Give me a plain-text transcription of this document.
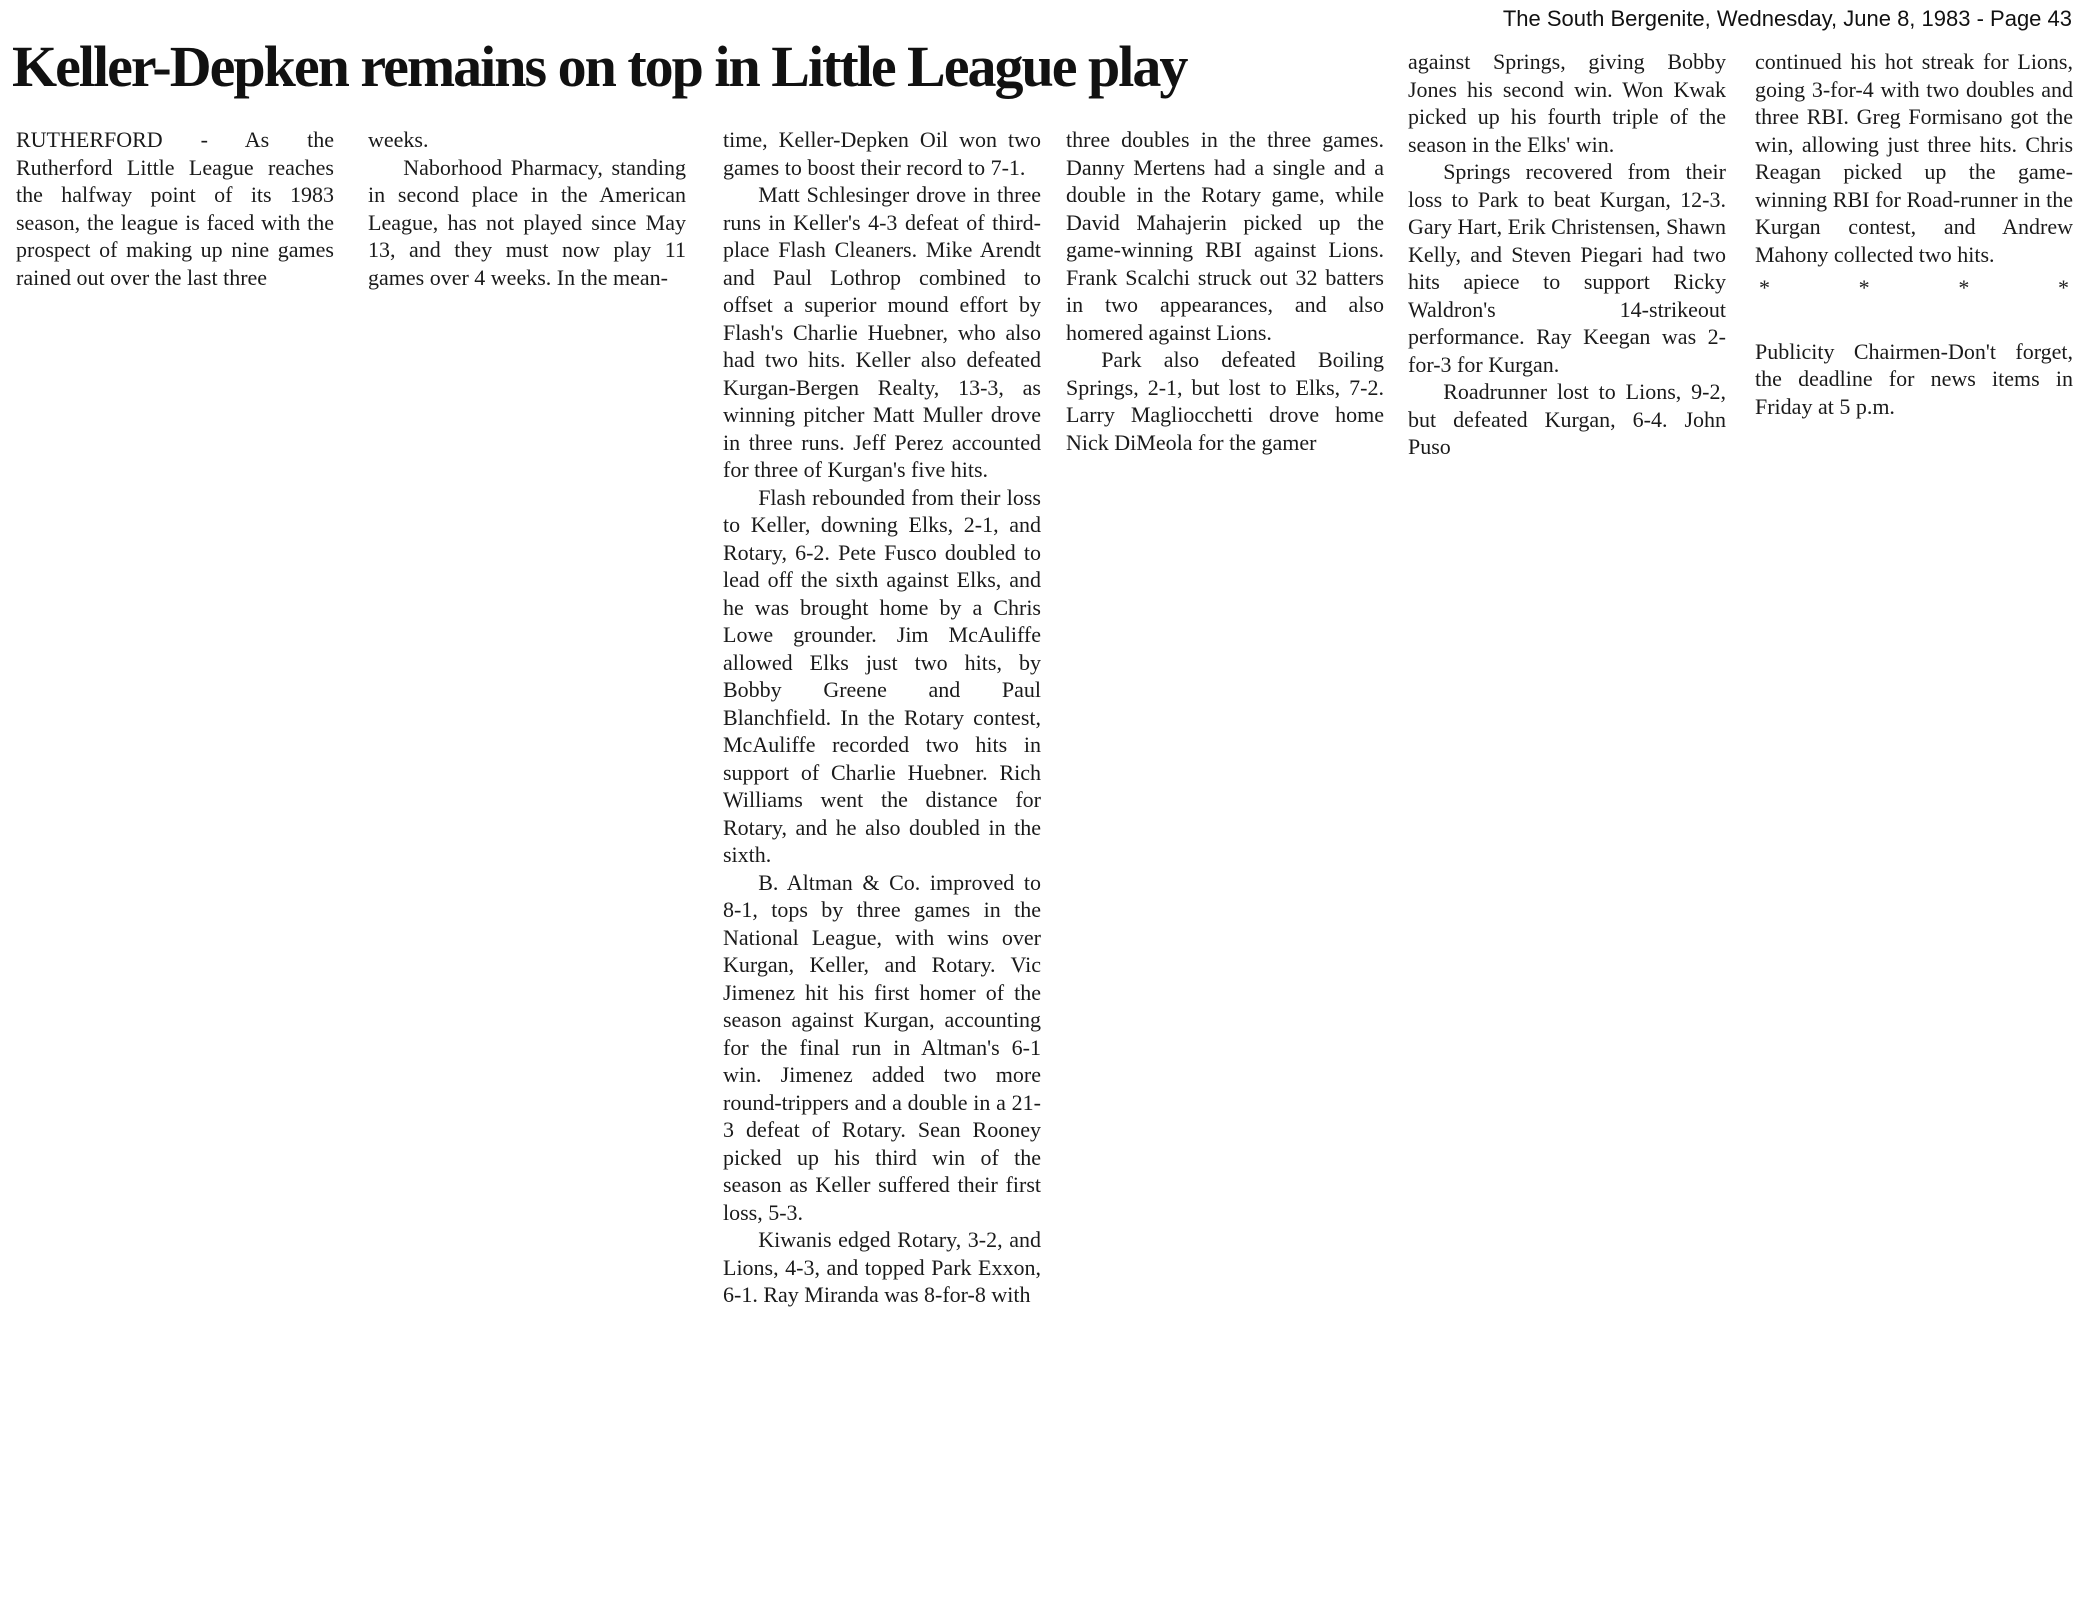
The South Bergenite, Wednesday, June 8, 1983 - Page 43
Keller-Depken remains on top in Little League play

RUTHERFORD - As the Rutherford Little League reaches the halfway point of its 1983 season, the league is faced with the prospect of making up nine games rained out over the last three

weeks.

Naborhood Pharmacy, standing in second place in the American League, has not played since May 13, and they must now play 11 games over 4 weeks. In the mean-

time, Keller-Depken Oil won two games to boost their record to 7-1.

Matt Schlesinger drove in three runs in Keller's 4-3 defeat of third-place Flash Cleaners. Mike Arendt and Paul Lothrop combined to offset a superior mound effort by Flash's Charlie Huebner, who also had two hits. Keller also defeated Kurgan-Bergen Realty, 13-3, as winning pitcher Matt Muller drove in three runs. Jeff Perez accounted for three of Kurgan's five hits.

Flash rebounded from their loss to Keller, downing Elks, 2-1, and Rotary, 6-2. Pete Fusco doubled to lead off the sixth against Elks, and he was brought home by a Chris Lowe grounder. Jim McAuliffe allowed Elks just two hits, by Bobby Greene and Paul Blanchfield. In the Rotary contest, McAuliffe recorded two hits in support of Charlie Huebner. Rich Williams went the distance for Rotary, and he also doubled in the sixth.

B. Altman & Co. improved to 8-1, tops by three games in the National League, with wins over Kurgan, Keller, and Rotary. Vic Jimenez hit his first homer of the season against Kurgan, accounting for the final run in Altman's 6-1 win. Jimenez added two more round-trippers and a double in a 21-3 defeat of Rotary. Sean Rooney picked up his third win of the season as Keller suffered their first loss, 5-3.

Kiwanis edged Rotary, 3-2, and Lions, 4-3, and topped Park Exxon, 6-1. Ray Miranda was 8-for-8 with

three doubles in the three games. Danny Mertens had a single and a double in the Rotary game, while David Mahajerin picked up the game-winning RBI against Lions. Frank Scalchi struck out 32 batters in two appearances, and also homered against Lions.

Park also defeated Boiling Springs, 2-1, but lost to Elks, 7-2. Larry Magliocchetti drove home Nick DiMeola for the gamer

against Springs, giving Bobby Jones his second win. Won Kwak picked up his fourth triple of the season in the Elks' win.

Springs recovered from their loss to Park to beat Kurgan, 12-3. Gary Hart, Erik Christensen, Shawn Kelly, and Steven Piegari had two hits apiece to support Ricky Waldron's 14-strikeout performance. Ray Keegan was 2-for-3 for Kurgan.

Roadrunner lost to Lions, 9-2, but defeated Kurgan, 6-4. John Puso

continued his hot streak for Lions, going 3-for-4 with two doubles and three RBI. Greg Formisano got the win, allowing just three hits. Chris Reagan picked up the game-winning RBI for Road-runner in the Kurgan contest, and Andrew Mahony collected two hits.

*	*	*	*

Publicity Chairmen-Don't forget, the deadline for news items in Friday at 5 p.m.
